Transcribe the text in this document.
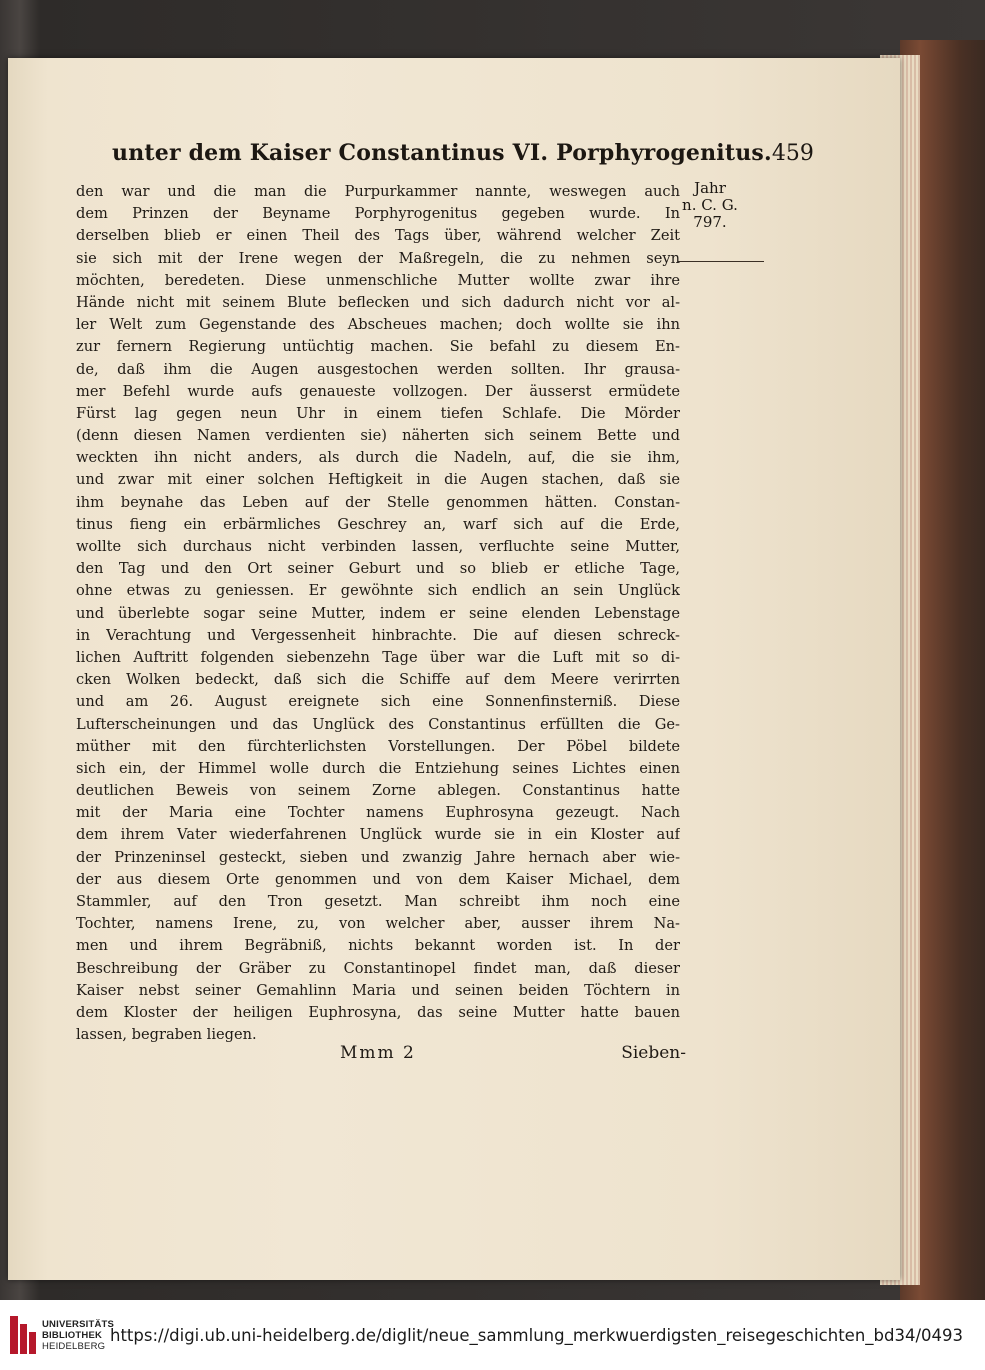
unter dem Kaiser Constantinus VI. Porphyrogenitus. 459
Jahr
n. C. G.
797.
den war und die man die Purpurkammer nannte, weswegen auch
dem Prinzen der Beyname Porphyrogenitus gegeben wurde. In
derselben blieb er einen Theil des Tags über, während welcher Zeit
sie sich mit der Irene wegen der Maßregeln, die zu nehmen seyn
möchten, beredeten. Diese unmenschliche Mutter wollte zwar ihre
Hände nicht mit seinem Blute beflecken und sich dadurch nicht vor al-
ler Welt zum Gegenstande des Abscheues machen; doch wollte sie ihn
zur fernern Regierung untüchtig machen. Sie befahl zu diesem En-
de, daß ihm die Augen ausgestochen werden sollten. Ihr grausa-
mer Befehl wurde aufs genaueste vollzogen. Der äusserst ermüdete
Fürst lag gegen neun Uhr in einem tiefen Schlafe. Die Mörder
(denn diesen Namen verdienten sie) näherten sich seinem Bette und
weckten ihn nicht anders, als durch die Nadeln, auf, die sie ihm,
und zwar mit einer solchen Heftigkeit in die Augen stachen, daß sie
ihm beynahe das Leben auf der Stelle genommen hätten. Constan-
tinus fieng ein erbärmliches Geschrey an, warf sich auf die Erde,
wollte sich durchaus nicht verbinden lassen, verfluchte seine Mutter,
den Tag und den Ort seiner Geburt und so blieb er etliche Tage,
ohne etwas zu geniessen. Er gewöhnte sich endlich an sein Unglück
und überlebte sogar seine Mutter, indem er seine elenden Lebenstage
in Verachtung und Vergessenheit hinbrachte. Die auf diesen schreck-
lichen Auftritt folgenden siebenzehn Tage über war die Luft mit so di-
cken Wolken bedeckt, daß sich die Schiffe auf dem Meere verirrten
und am 26. August ereignete sich eine Sonnenfinsterniß. Diese
Lufterscheinungen und das Unglück des Constantinus erfüllten die Ge-
müther mit den fürchterlichsten Vorstellungen. Der Pöbel bildete
sich ein, der Himmel wolle durch die Entziehung seines Lichtes einen
deutlichen Beweis von seinem Zorne ablegen. Constantinus hatte
mit der Maria eine Tochter namens Euphrosyna gezeugt. Nach
dem ihrem Vater wiederfahrenen Unglück wurde sie in ein Kloster auf
der Prinzeninsel gesteckt, sieben und zwanzig Jahre hernach aber wie-
der aus diesem Orte genommen und von dem Kaiser Michael, dem
Stammler, auf den Tron gesetzt. Man schreibt ihm noch eine
Tochter, namens Irene, zu, von welcher aber, ausser ihrem Na-
men und ihrem Begräbniß, nichts bekannt worden ist. In der
Beschreibung der Gräber zu Constantinopel findet man, daß dieser
Kaiser nebst seiner Gemahlinn Maria und seinen beiden Töchtern in
dem Kloster der heiligen Euphrosyna, das seine Mutter hatte bauen
lassen, begraben liegen.
Mmm 2	Sieben-
UNIVERSITÄTS
BIBLIOTHEK
HEIDELBERG
https://digi.ub.uni-heidelberg.de/diglit/neue_sammlung_merkwuerdigsten_reisegeschichten_bd34/0493
